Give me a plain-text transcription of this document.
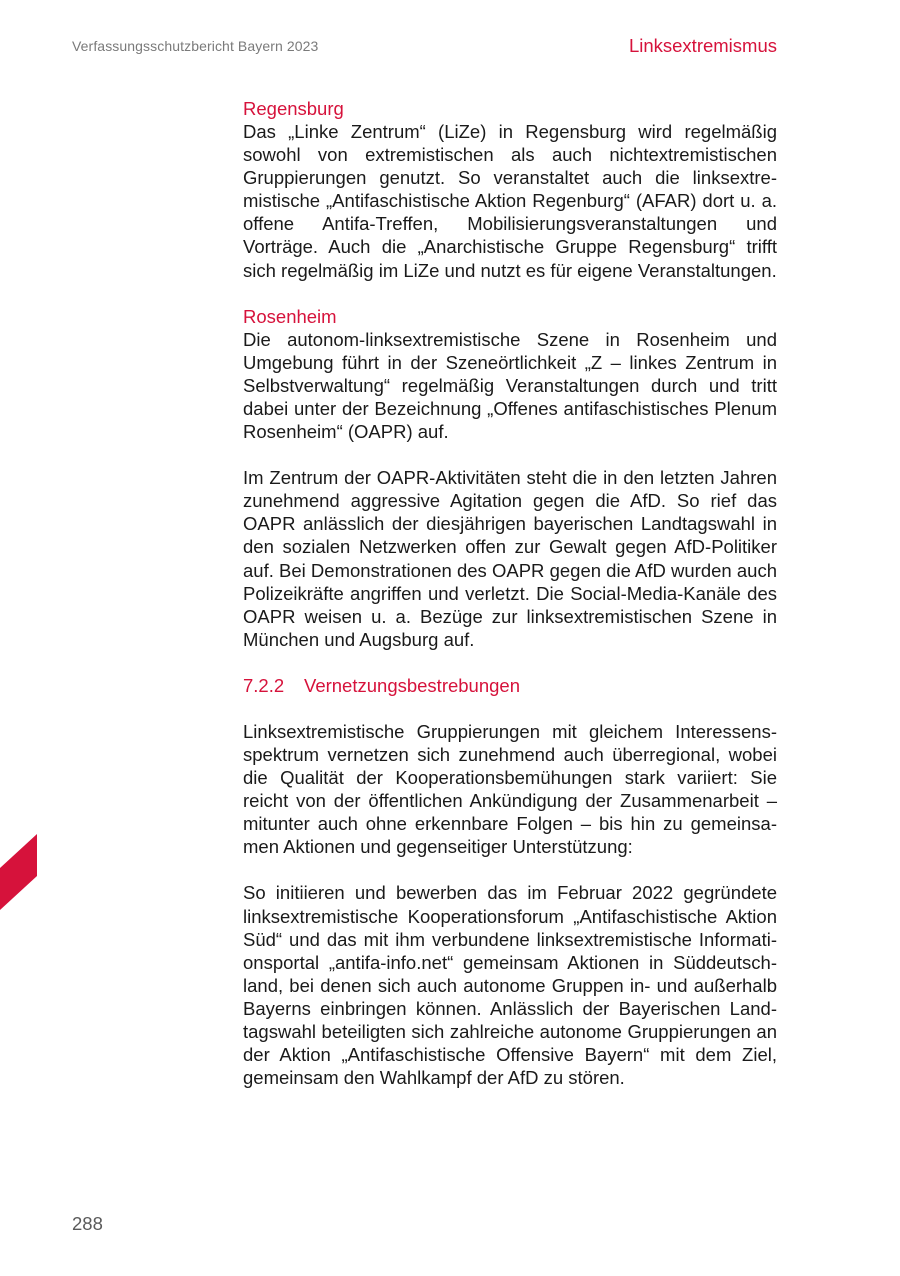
Verfassungsschutzbericht Bayern 2023	Linksextremismus
Regensburg

Das „Linke Zentrum“ (LiZe) in Regensburg wird regelmäßig sowohl von extremistischen als auch nichtextremistischen Gruppierungen genutzt. So veranstaltet auch die linksextremistische „Antifaschistische Aktion Regenburg“ (AFAR) dort u. a. offene Antifa-Treffen, Mobilisierungsveranstaltungen und Vorträge. Auch die „Anarchistische Gruppe Regensburg“ trifft sich regelmäßig im LiZe und nutzt es für eigene Veranstaltungen.

Rosenheim

Die autonom-linksextremistische Szene in Rosenheim und Umgebung führt in der Szeneörtlichkeit „Z – linkes Zentrum in Selbstverwaltung“ regelmäßig Veranstaltungen durch und tritt dabei unter der Bezeichnung „Offenes antifaschistisches Plenum Rosenheim“ (OAPR) auf.

Im Zentrum der OAPR-Aktivitäten steht die in den letzten Jahren zunehmend aggressive Agitation gegen die AfD. So rief das OAPR anlässlich der diesjährigen bayerischen Landtagswahl in den sozialen Netzwerken offen zur Gewalt gegen AfD-Politiker auf. Bei Demonstrationen des OAPR gegen die AfD wurden auch Polizeikräfte angriffen und verletzt. Die Social-Media-Kanäle des OAPR weisen u. a. Bezüge zur linksextremistischen Szene in München und Augsburg auf.

7.2.2 Vernetzungsbestrebungen

Linksextremistische Gruppierungen mit gleichem Interessensspektrum vernetzen sich zunehmend auch überregional, wobei die Qualität der Kooperationsbemühungen stark variiert: Sie reicht von der öffentlichen Ankündigung der Zusammenarbeit – mitunter auch ohne erkennbare Folgen – bis hin zu gemeinsamen Aktionen und gegenseitiger Unterstützung:

So initiieren und bewerben das im Februar 2022 gegründete linksextremistische Kooperationsforum „Antifaschistische Aktion Süd“ und das mit ihm verbundene linksextremistische Informationsportal „antifa-info.net“ gemeinsam Aktionen in Süddeutschland, bei denen sich auch autonome Gruppen in- und außerhalb Bayerns einbringen können. Anlässlich der Bayerischen Landtagswahl beteiligten sich zahlreiche autonome Gruppierungen an der Aktion „Antifaschistische Offensive Bayern“ mit dem Ziel, gemeinsam den Wahlkampf der AfD zu stören.

288
